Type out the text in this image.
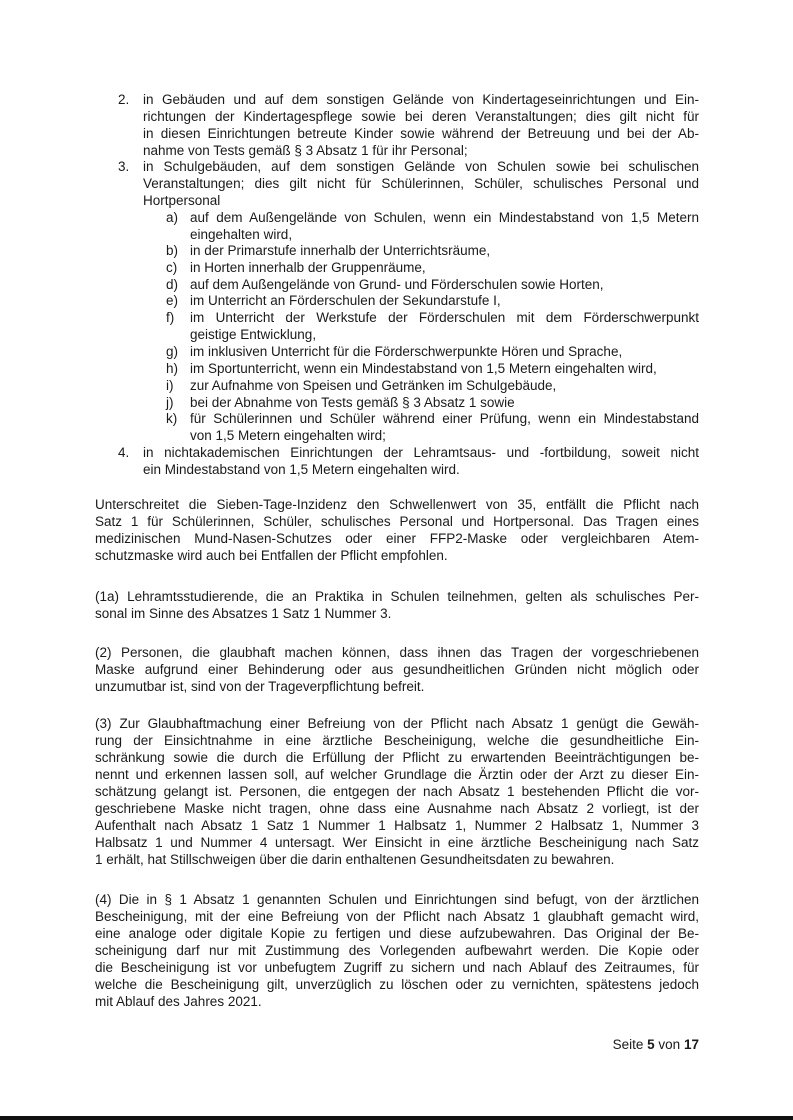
2. in Gebäuden und auf dem sonstigen Gelände von Kindertageseinrichtungen und Ein-
richtungen der Kindertagespflege sowie bei deren Veranstaltungen; dies gilt nicht für
in diesen Einrichtungen betreute Kinder sowie während der Betreuung und bei der Ab-
nahme von Tests gemäß § 3 Absatz 1 für ihr Personal;
3. in Schulgebäuden, auf dem sonstigen Gelände von Schulen sowie bei schulischen
Veranstaltungen; dies gilt nicht für Schülerinnen, Schüler, schulisches Personal und
Hortpersonal
a) auf dem Außengelände von Schulen, wenn ein Mindestabstand von 1,5 Metern
eingehalten wird,
b) in der Primarstufe innerhalb der Unterrichtsräume,
c) in Horten innerhalb der Gruppenräume,
d) auf dem Außengelände von Grund- und Förderschulen sowie Horten,
e) im Unterricht an Förderschulen der Sekundarstufe I,
f) im Unterricht der Werkstufe der Förderschulen mit dem Förderschwerpunkt
geistige Entwicklung,
g) im inklusiven Unterricht für die Förderschwerpunkte Hören und Sprache,
h) im Sportunterricht, wenn ein Mindestabstand von 1,5 Metern eingehalten wird,
i) zur Aufnahme von Speisen und Getränken im Schulgebäude,
j) bei der Abnahme von Tests gemäß § 3 Absatz 1 sowie
k) für Schülerinnen und Schüler während einer Prüfung, wenn ein Mindestabstand
von 1,5 Metern eingehalten wird;
4. in nichtakademischen Einrichtungen der Lehramtsaus- und -fortbildung, soweit nicht
ein Mindestabstand von 1,5 Metern eingehalten wird.
Unterschreitet die Sieben-Tage-Inzidenz den Schwellenwert von 35, entfällt die Pflicht nach
Satz 1 für Schülerinnen, Schüler, schulisches Personal und Hortpersonal. Das Tragen eines
medizinischen Mund-Nasen-Schutzes oder einer FFP2-Maske oder vergleichbaren Atem-
schutzmaske wird auch bei Entfallen der Pflicht empfohlen.
(1a) Lehramtsstudierende, die an Praktika in Schulen teilnehmen, gelten als schulisches Per-
sonal im Sinne des Absatzes 1 Satz 1 Nummer 3.
(2) Personen, die glaubhaft machen können, dass ihnen das Tragen der vorgeschriebenen
Maske aufgrund einer Behinderung oder aus gesundheitlichen Gründen nicht möglich oder
unzumutbar ist, sind von der Trageverpflichtung befreit.
(3) Zur Glaubhaftmachung einer Befreiung von der Pflicht nach Absatz 1 genügt die Gewäh-
rung der Einsichtnahme in eine ärztliche Bescheinigung, welche die gesundheitliche Ein-
schränkung sowie die durch die Erfüllung der Pflicht zu erwartenden Beeinträchtigungen be-
nennt und erkennen lassen soll, auf welcher Grundlage die Ärztin oder der Arzt zu dieser Ein-
schätzung gelangt ist. Personen, die entgegen der nach Absatz 1 bestehenden Pflicht die vor-
geschriebene Maske nicht tragen, ohne dass eine Ausnahme nach Absatz 2 vorliegt, ist der
Aufenthalt nach Absatz 1 Satz 1 Nummer 1 Halbsatz 1, Nummer 2 Halbsatz 1, Nummer 3
Halbsatz 1 und Nummer 4 untersagt. Wer Einsicht in eine ärztliche Bescheinigung nach Satz
1 erhält, hat Stillschweigen über die darin enthaltenen Gesundheitsdaten zu bewahren.
(4) Die in § 1 Absatz 1 genannten Schulen und Einrichtungen sind befugt, von der ärztlichen
Bescheinigung, mit der eine Befreiung von der Pflicht nach Absatz 1 glaubhaft gemacht wird,
eine analoge oder digitale Kopie zu fertigen und diese aufzubewahren. Das Original der Be-
scheinigung darf nur mit Zustimmung des Vorlegenden aufbewahrt werden. Die Kopie oder
die Bescheinigung ist vor unbefugtem Zugriff zu sichern und nach Ablauf des Zeitraumes, für
welche die Bescheinigung gilt, unverzüglich zu löschen oder zu vernichten, spätestens jedoch
mit Ablauf des Jahres 2021.
Seite 5 von 17
